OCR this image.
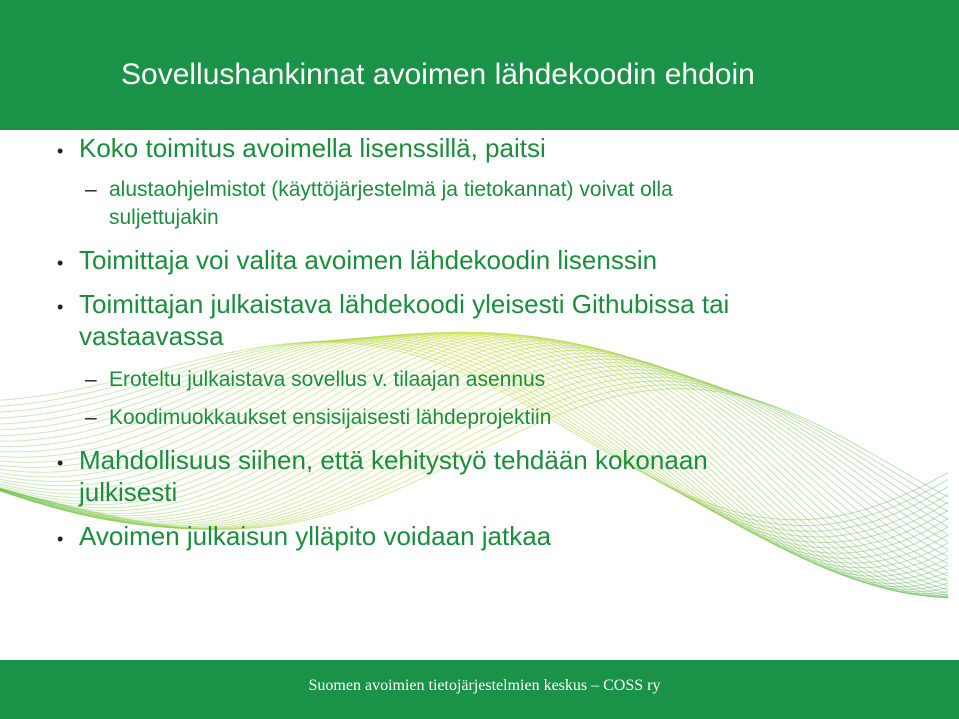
Sovellushankinnat avoimen lähdekoodin ehdoin
• Koko toimitus avoimella lisenssillä, paitsi
– alustaohjelmistot (käyttöjärjestelmä ja tietokannat) voivat olla
suljettujakin
• Toimittaja voi valita avoimen lähdekoodin lisenssin
• Toimittajan julkaistava lähdekoodi yleisesti Githubissa tai
vastaavassa
– Eroteltu julkaistava sovellus v. tilaajan asennus
– Koodimuokkaukset ensisijaisesti lähdeprojektiin
• Mahdollisuus siihen, että kehitystyö tehdään kokonaan
julkisesti
• Avoimen julkaisun ylläpito voidaan jatkaa
Suomen avoimien tietojärjestelmien keskus – COSS ry
